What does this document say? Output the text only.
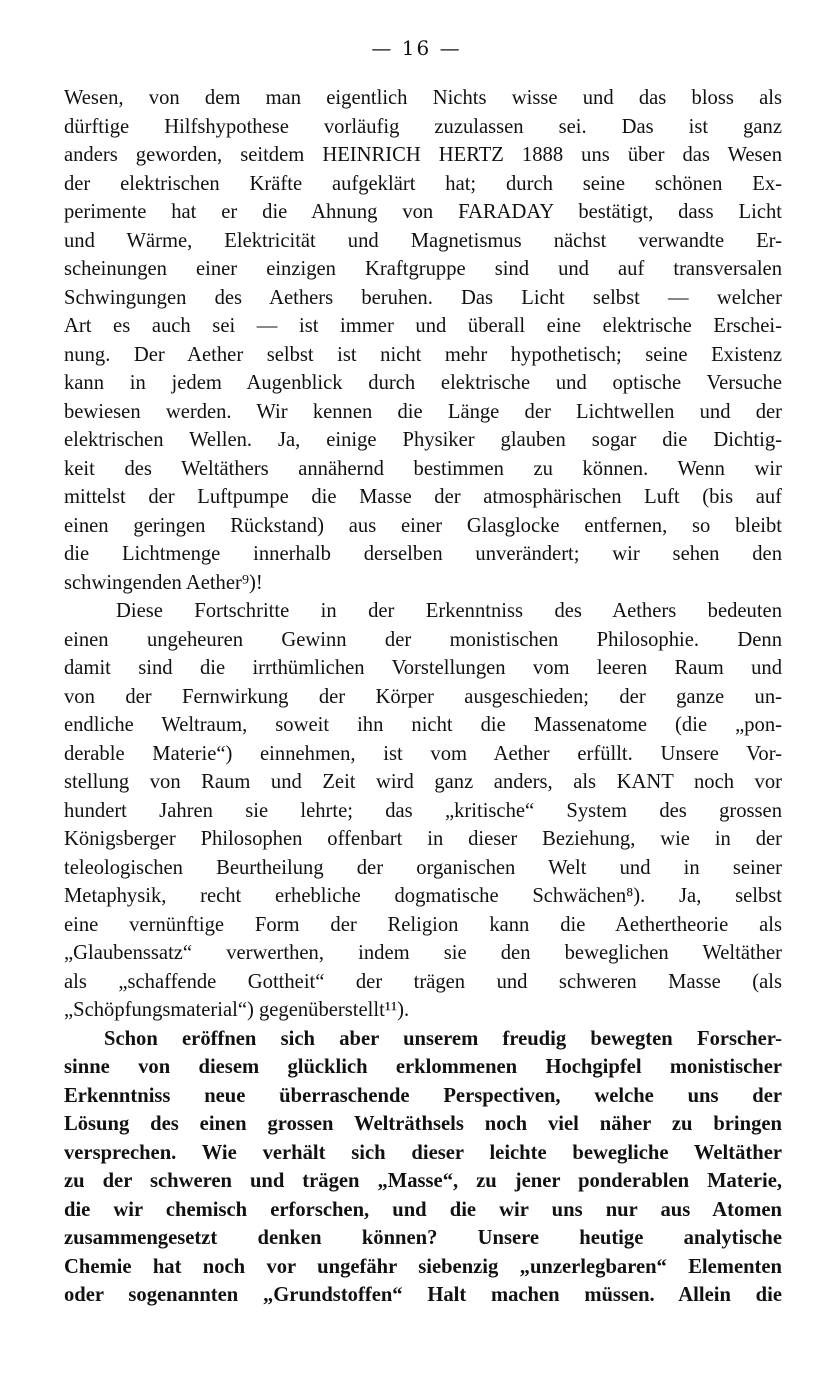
— 16 —
Wesen, von dem man eigentlich Nichts wisse und das bloss als
dürftige Hilfshypothese vorläufig zuzulassen sei. Das ist ganz
anders geworden, seitdem HEINRICH HERTZ 1888 uns über das Wesen
der elektrischen Kräfte aufgeklärt hat; durch seine schönen Ex-
perimente hat er die Ahnung von FARADAY bestätigt, dass Licht
und Wärme, Elektricität und Magnetismus nächst verwandte Er-
scheinungen einer einzigen Kraftgruppe sind und auf transversalen
Schwingungen des Aethers beruhen. Das Licht selbst — welcher
Art es auch sei — ist immer und überall eine elektrische Erschei-
nung. Der Aether selbst ist nicht mehr hypothetisch; seine Existenz
kann in jedem Augenblick durch elektrische und optische Versuche
bewiesen werden. Wir kennen die Länge der Lichtwellen und der
elektrischen Wellen. Ja, einige Physiker glauben sogar die Dichtig-
keit des Weltäthers annähernd bestimmen zu können. Wenn wir
mittelst der Luftpumpe die Masse der atmosphärischen Luft (bis auf
einen geringen Rückstand) aus einer Glasglocke entfernen, so bleibt
die Lichtmenge innerhalb derselben unverändert; wir sehen den
schwingenden Aether⁹)!
Diese Fortschritte in der Erkenntniss des Aethers bedeuten
einen ungeheuren Gewinn der monistischen Philosophie. Denn
damit sind die irrthümlichen Vorstellungen vom leeren Raum und
von der Fernwirkung der Körper ausgeschieden; der ganze un-
endliche Weltraum, soweit ihn nicht die Massenatome (die „pon-
derable Materie“) einnehmen, ist vom Aether erfüllt. Unsere Vor-
stellung von Raum und Zeit wird ganz anders, als KANT noch vor
hundert Jahren sie lehrte; das „kritische“ System des grossen
Königsberger Philosophen offenbart in dieser Beziehung, wie in der
teleologischen Beurtheilung der organischen Welt und in seiner
Metaphysik, recht erhebliche dogmatische Schwächen⁸). Ja, selbst
eine vernünftige Form der Religion kann die Aethertheorie als
„Glaubenssatz“ verwerthen, indem sie den beweglichen Weltäther
als „schaffende Gottheit“ der trägen und schweren Masse (als
„Schöpfungsmaterial“) gegenüberstellt¹¹).
Schon eröffnen sich aber unserem freudig bewegten Forscher-
sinne von diesem glücklich erklommenen Hochgipfel monistischer
Erkenntniss neue überraschende Perspectiven, welche uns der
Lösung des einen grossen Welträthsels noch viel näher zu bringen
versprechen. Wie verhält sich dieser leichte bewegliche Weltäther
zu der schweren und trägen „Masse“, zu jener ponderablen Materie,
die wir chemisch erforschen, und die wir uns nur aus Atomen
zusammengesetzt denken können? Unsere heutige analytische
Chemie hat noch vor ungefähr siebenzig „unzerlegbaren“ Elementen
oder sogenannten „Grundstoffen“ Halt machen müssen. Allein die
